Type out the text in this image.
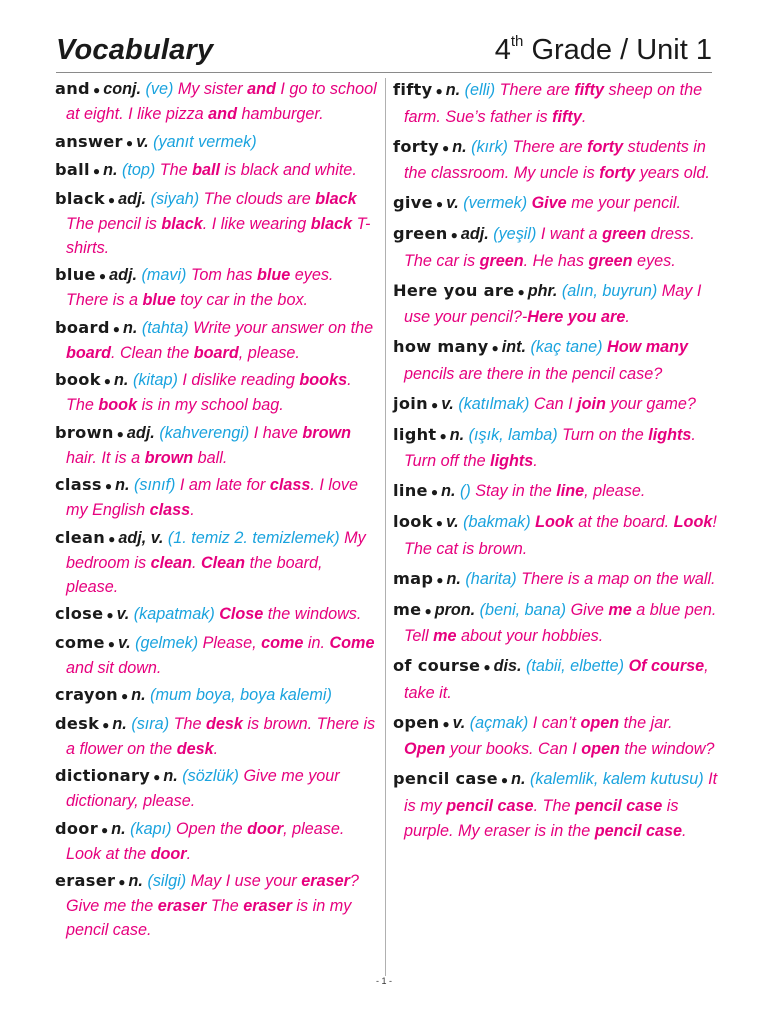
Vocabulary	4th Grade / Unit 1
and ● conj. (ve) My sister and I go to school at eight. I like pizza and hamburger.
answer ● v. (yanıt vermek)
ball ● n. (top) The ball is black and white.
black ● adj. (siyah) The clouds are black The pencil is black. I like wearing black T-shirts.
blue ● adj. (mavi) Tom has blue eyes. There is a blue toy car in the box.
board ● n. (tahta) Write your answer on the board. Clean the board, please.
book ● n. (kitap) I dislike reading books. The book is in my school bag.
brown ● adj. (kahverengi) I have brown hair. It is a brown ball.
class ● n. (sınıf) I am late for class. I love my English class.
clean ● adj, v. (1. temiz 2. temizlemek) My bedroom is clean. Clean the board, please.
close ● v. (kapatmak) Close the windows.
come ● v. (gelmek) Please, come in. Come and sit down.
crayon ● n. (mum boya, boya kalemi)
desk ● n. (sıra) The desk is brown. There is a flower on the desk.
dictionary ● n. (sözlük) Give me your dictionary, please.
door ● n. (kapı) Open the door, please. Look at the door.
eraser ● n. (silgi) May I use your eraser? Give me the eraser The eraser is in my pencil case.
fifty ● n. (elli) There are fifty sheep on the farm. Sue’s father is fifty.
forty ● n. (kırk) There are forty students in the classroom. My uncle is forty years old.
give ● v. (vermek) Give me your pencil.
green ● adj. (yeşil) I want a green dress. The car is green. He has green eyes.
Here you are ● phr. (alın, buyrun) May I use your pencil?-Here you are.
how many ● int. (kaç tane) How many pencils are there in the pencil case?
join ● v. (katılmak) Can I join your game?
light ● n. (ışık, lamba) Turn on the lights. Turn off the lights.
line ● n. () Stay in the line, please.
look ● v. (bakmak) Look at the board. Look! The cat is brown.
map ● n. (harita) There is a map on the wall.
me ● pron. (beni, bana) Give me a blue pen. Tell me about your hobbies.
of course ● dis. (tabii, elbette) Of course, take it.
open ● v. (açmak) I can’t open the jar. Open your books. Can I open the window?
pencil case ● n. (kalemlik, kalem kutusu) It is my pencil case. The pencil case is purple. My eraser is in the pencil case.
- 1 -
